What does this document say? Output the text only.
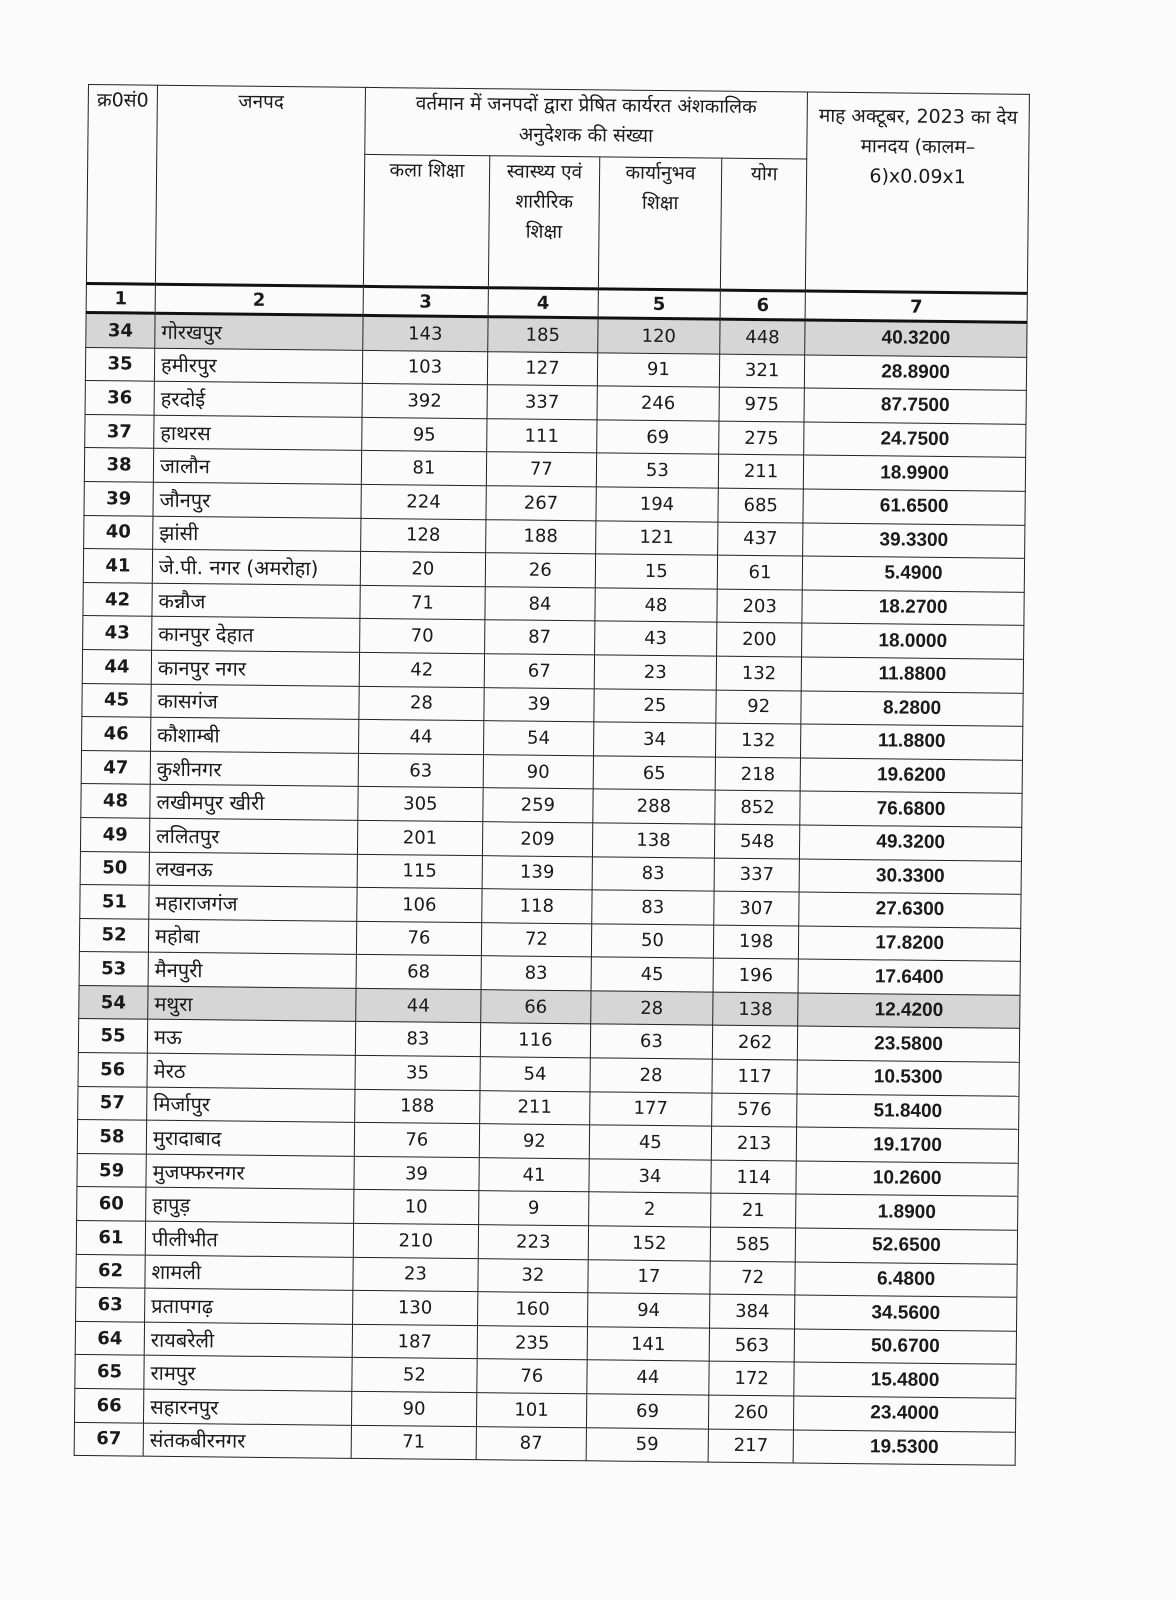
क्र0सं0	जनपद	वर्तमान में जनपदों द्वारा प्रेषित कार्यरत अंशकालिक अनुदेशक की संख्या				माह अक्टूबर, 2023 का देय मानदय (कालम–6)x0.09x1
		कला शिक्षा	स्वास्थ्य एवं शारीरिक शिक्षा	कार्यानुभव शिक्षा	योग	
1	2	3	4	5	6	7
34	गोरखपुर	143	185	120	448	40.3200
35	हमीरपुर	103	127	91	321	28.8900
36	हरदोई	392	337	246	975	87.7500
37	हाथरस	95	111	69	275	24.7500
38	जालौन	81	77	53	211	18.9900
39	जौनपुर	224	267	194	685	61.6500
40	झांसी	128	188	121	437	39.3300
41	जे.पी. नगर (अमरोहा)	20	26	15	61	5.4900
42	कन्नौज	71	84	48	203	18.2700
43	कानपुर देहात	70	87	43	200	18.0000
44	कानपुर नगर	42	67	23	132	11.8800
45	कासगंज	28	39	25	92	8.2800
46	कौशाम्बी	44	54	34	132	11.8800
47	कुशीनगर	63	90	65	218	19.6200
48	लखीमपुर खीरी	305	259	288	852	76.6800
49	ललितपुर	201	209	138	548	49.3200
50	लखनऊ	115	139	83	337	30.3300
51	महाराजगंज	106	118	83	307	27.6300
52	महोबा	76	72	50	198	17.8200
53	मैनपुरी	68	83	45	196	17.6400
54	मथुरा	44	66	28	138	12.4200
55	मऊ	83	116	63	262	23.5800
56	मेरठ	35	54	28	117	10.5300
57	मिर्जापुर	188	211	177	576	51.8400
58	मुरादाबाद	76	92	45	213	19.1700
59	मुजफ्फरनगर	39	41	34	114	10.2600
60	हापुड़	10	9	2	21	1.8900
61	पीलीभीत	210	223	152	585	52.6500
62	शामली	23	32	17	72	6.4800
63	प्रतापगढ़	130	160	94	384	34.5600
64	रायबरेली	187	235	141	563	50.6700
65	रामपुर	52	76	44	172	15.4800
66	सहारनपुर	90	101	69	260	23.4000
67	संतकबीरनगर	71	87	59	217	19.5300
